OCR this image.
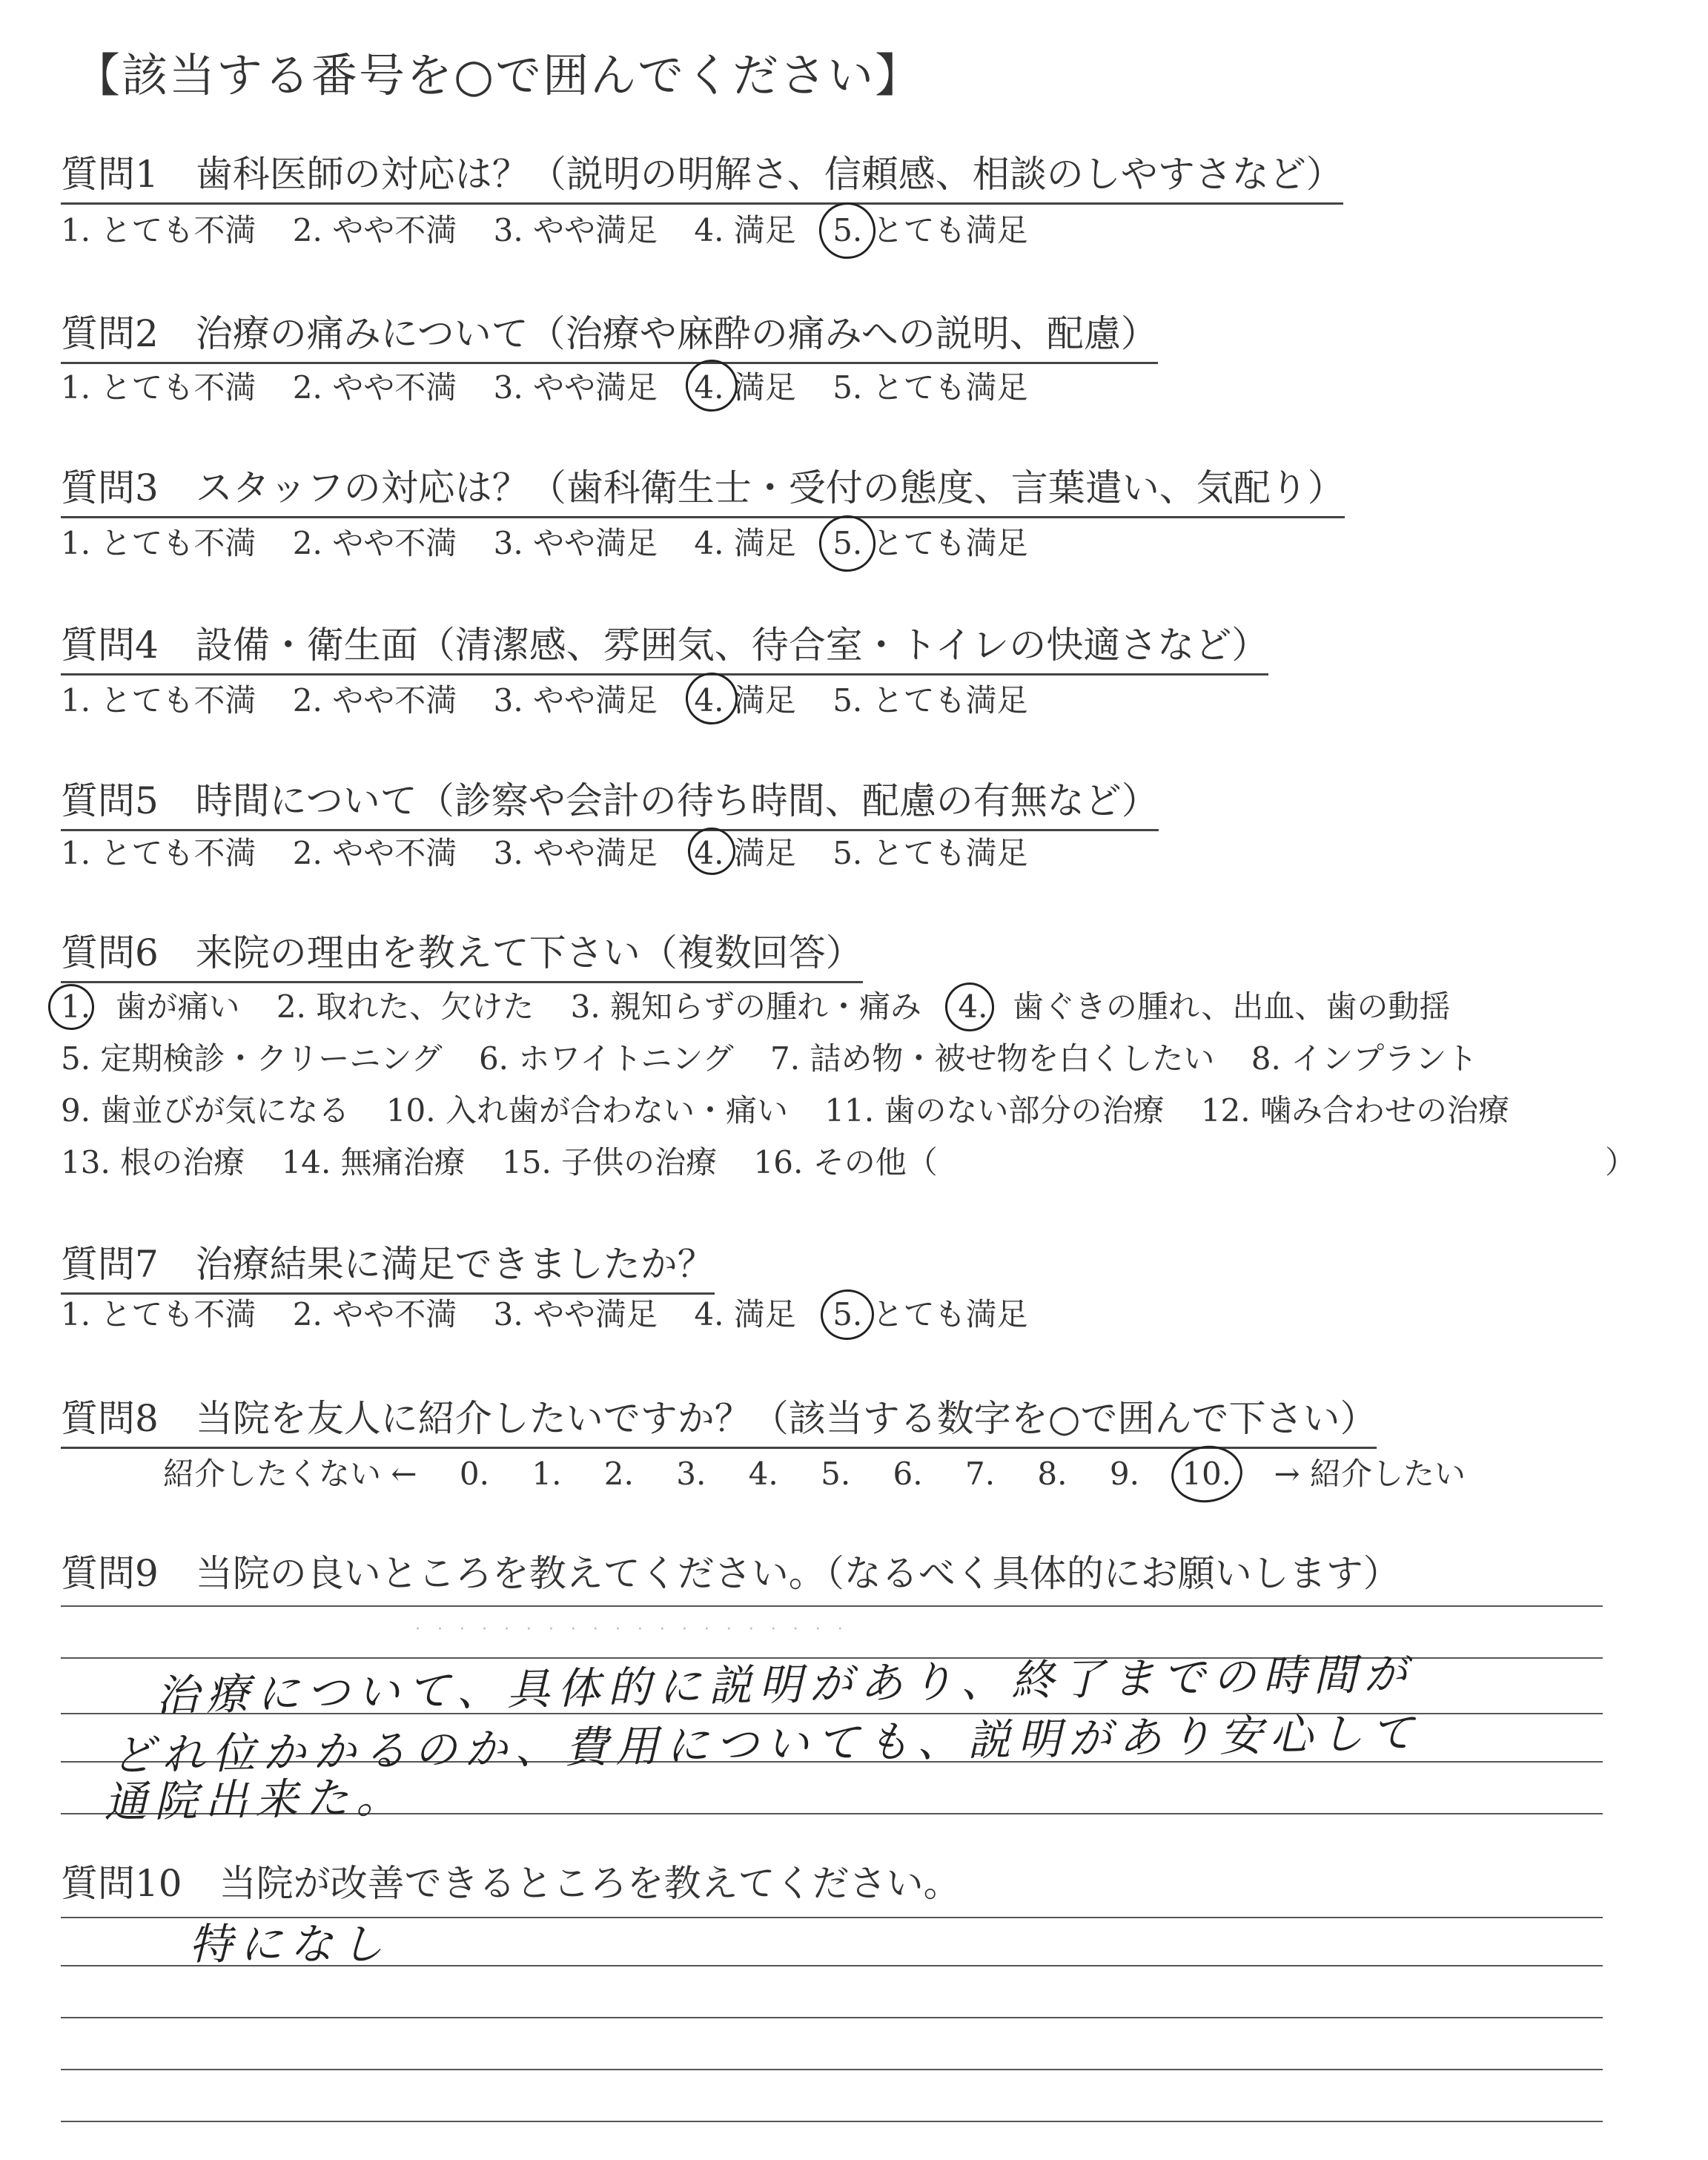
【該当する番号を○で囲んでください】
質問1　歯科医師の対応は？（説明の明解さ、信頼感、相談のしやすさなど）
1. とても不満 2. やや不満 3. やや満足 4. 満足 5. とても満足
質問2　治療の痛みについて（治療や麻酔の痛みへの説明、配慮）
1. とても不満 2. やや不満 3. やや満足 4. 満足 5. とても満足
質問3　スタッフの対応は？（歯科衛生士・受付の態度、言葉遣い、気配り）
1. とても不満 2. やや不満 3. やや満足 4. 満足 5. とても満足
質問4　設備・衛生面（清潔感、雰囲気、待合室・トイレの快適さなど）
1. とても不満 2. やや不満 3. やや満足 4. 満足 5. とても満足
質問5　時間について（診察や会計の待ち時間、配慮の有無など）
1. とても不満 2. やや不満 3. やや満足 4. 満足 5. とても満足
質問6　来院の理由を教えて下さい（複数回答）
1. 歯が痛い 2. 取れた、欠けた 3. 親知らずの腫れ・痛み 4. 歯ぐきの腫れ、出血、歯の動揺
5. 定期検診・クリーニング 6. ホワイトニング 7. 詰め物・被せ物を白くしたい 8. インプラント
9. 歯並びが気になる 10. 入れ歯が合わない・痛い 11. 歯のない部分の治療 12. 噛み合わせの治療
13. 根の治療 14. 無痛治療 15. 子供の治療 16. その他（	）
質問7　治療結果に満足できましたか？
1. とても不満 2. やや不満 3. やや満足 4. 満足 5. とても満足
質問8　当院を友人に紹介したいですか？（該当する数字を○で囲んで下さい）
紹介したくない ← 0. 1. 2. 3. 4. 5. 6. 7. 8. 9. 10. → 紹介したい
質問9　当院の良いところを教えてください。（なるべく具体的にお願いします）
· · · · · · · · · · · · · · · · · · · ·
治療について、具体的に説明があり、終了までの時間が
どれ位かかるのか、費用についても、説明があり安心して
通院出来た。
質問10　当院が改善できるところを教えてください。
特になし
